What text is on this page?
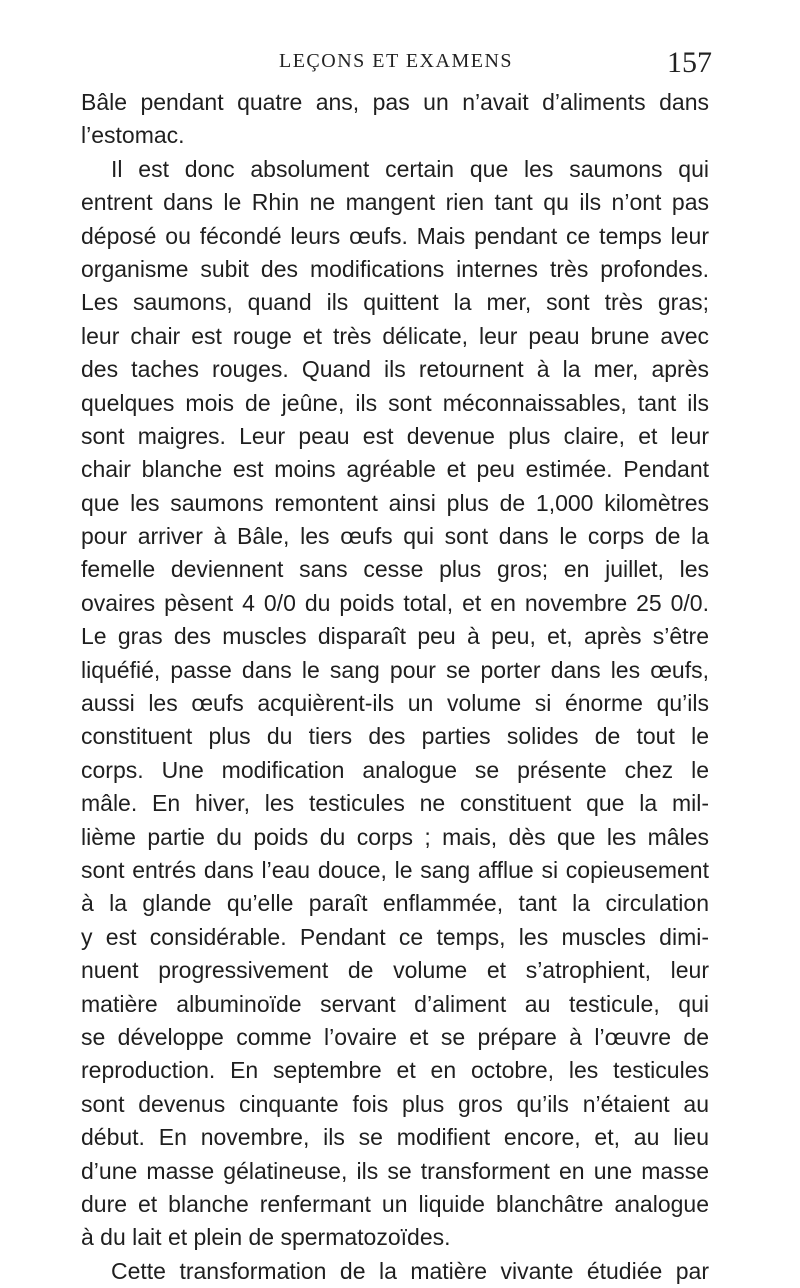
LEÇONS ET EXAMENS	157
Bâle pendant quatre ans, pas un n’avait d’aliments dans
l’estomac.
Il est donc absolument certain que les saumons qui
entrent dans le Rhin ne mangent rien tant qu ils n’ont pas
déposé ou fécondé leurs œufs. Mais pendant ce temps leur
organisme subit des modifications internes très profondes.
Les saumons, quand ils quittent la mer, sont très gras;
leur chair est rouge et très délicate, leur peau brune avec
des taches rouges. Quand ils retournent à la mer, après
quelques mois de jeûne, ils sont méconnaissables, tant ils
sont maigres. Leur peau est devenue plus claire, et leur
chair blanche est moins agréable et peu estimée. Pendant
que les saumons remontent ainsi plus de 1,000 kilomètres
pour arriver à Bâle, les œufs qui sont dans le corps de la
femelle deviennent sans cesse plus gros; en juillet, les
ovaires pèsent 4 0/0 du poids total, et en novembre 25 0/0.
Le gras des muscles disparaît peu à peu, et, après s’être
liquéfié, passe dans le sang pour se porter dans les œufs,
aussi les œufs acquièrent-ils un volume si énorme qu’ils
constituent plus du tiers des parties solides de tout le
corps. Une modification analogue se présente chez le
mâle. En hiver, les testicules ne constituent que la mil-
lième partie du poids du corps ; mais, dès que les mâles
sont entrés dans l’eau douce, le sang afflue si copieusement
à la glande qu’elle paraît enflammée, tant la circulation
y est considérable. Pendant ce temps, les muscles dimi-
nuent progressivement de volume et s’atrophient, leur
matière albuminoïde servant d’aliment au testicule, qui
se développe comme l’ovaire et se prépare à l’œuvre de
reproduction. En septembre et en octobre, les testicules
sont devenus cinquante fois plus gros qu’ils n’étaient au
début. En novembre, ils se modifient encore, et, au lieu
d’une masse gélatineuse, ils se transforment en une masse
dure et blanche renfermant un liquide blanchâtre analogue
à du lait et plein de spermatozoïdes.
Cette transformation de la matière vivante étudiée par
